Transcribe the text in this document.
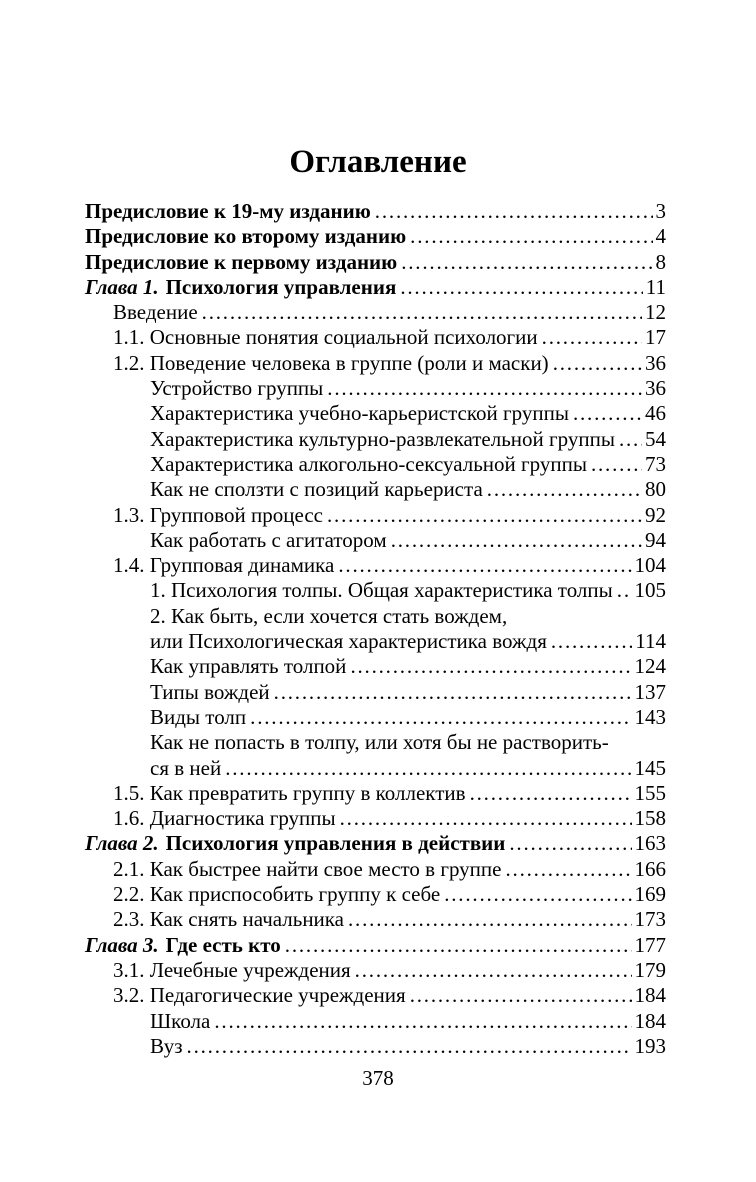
Оглавление
Предисловие к 19-му изданию .....	3
Предисловие ко второму изданию .....	4
Предисловие к первому изданию .....	8
Глава 1. Психология управления .....	11
Введение .....	12
1.1. Основные понятия социальной психологии .....	17
1.2. Поведение человека в группе (роли и маски) .....	36
Устройство группы .....	36
Характеристика учебно-карьеристской группы .....	46
Характеристика культурно-развлекательной группы ..... 54
Характеристика алкогольно-сексуальной группы .....	73
Как не сползти с позиций карьериста .....	80
1.3. Групповой процесс .....	92
Как работать с агитатором .....	94
1.4. Групповая динамика .....	104
1. Психология толпы. Общая характеристика толпы ..... 105
2. Как быть, если хочется стать вождем,
или Психологическая характеристика вождя .....	114
Как управлять толпой .....	124
Типы вождей .....	137
Виды толп .....	143
Как не попасть в толпу, или хотя бы не растворить-
ся в ней .....	145
1.5. Как превратить группу в коллектив .....	155
1.6. Диагностика группы .....	158
Глава 2. Психология управления в действии .....	163
2.1. Как быстрее найти свое место в группе .....	166
2.2. Как приспособить группу к себе .....	169
2.3. Как снять начальника .....	173
Глава 3. Где есть кто .....	177
3.1. Лечебные учреждения .....	179
3.2. Педагогические учреждения .....	184
Школа .....	184
Вуз .....	193
378
